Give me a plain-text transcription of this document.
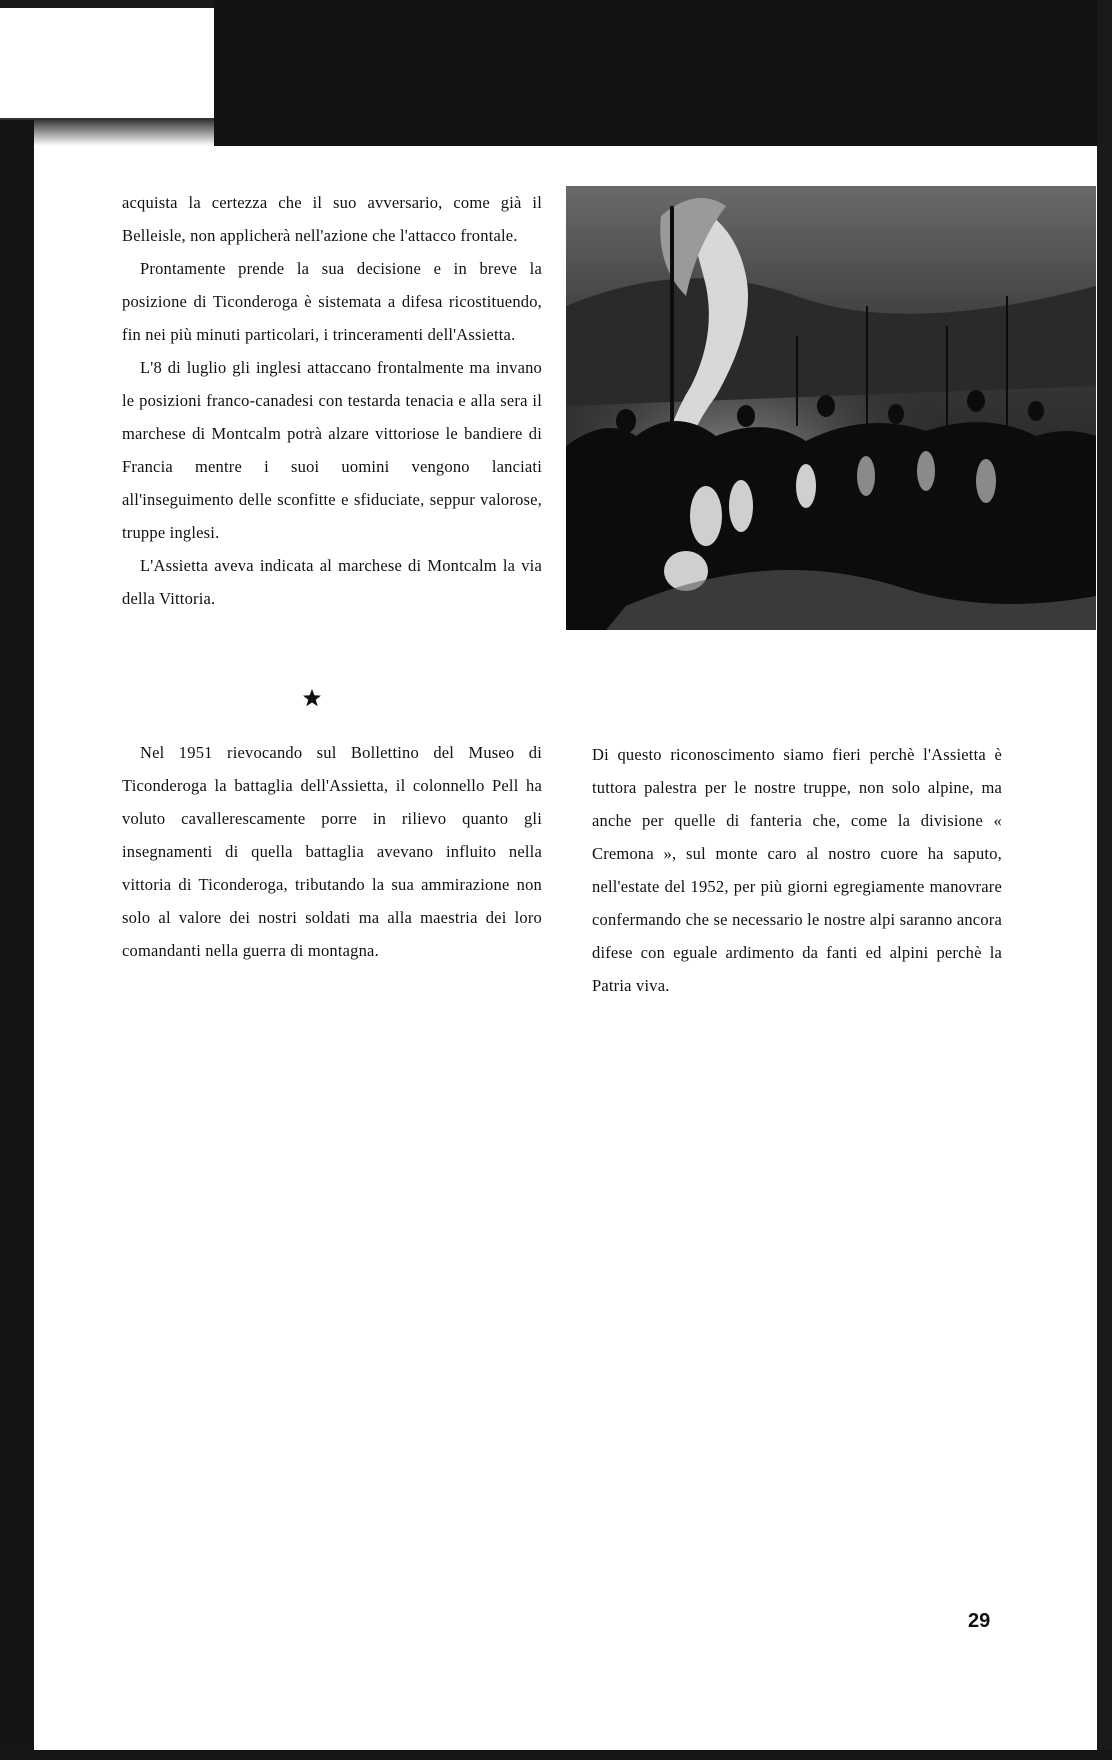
acquista la certezza che il suo avversario, come già il Belleisle, non applicherà nell'azione che l'attacco frontale.

Prontamente prende la sua decisione e in breve la posizione di Ticonderoga è sistemata a difesa ricostituendo, fin nei più minuti particolari, i trinceramenti dell'Assietta.

L'8 di luglio gli inglesi attaccano frontalmente ma invano le posizioni franco-canadesi con testarda tenacia e alla sera il marchese di Montcalm potrà alzare vittoriose le bandiere di Francia mentre i suoi uomini vengono lanciati all'inseguimento delle sconfitte e sfiduciate, seppur valorose, truppe inglesi.

L'Assietta aveva indicata al marchese di Montcalm la via della Vittoria.

Nel 1951 rievocando sul Bollettino del Museo di Ticonderoga la battaglia dell'Assietta, il colonnello Pell ha voluto cavallerescamente porre in rilievo quanto gli insegnamenti di quella battaglia avevano influito nella vittoria di Ticonderoga, tributando la sua ammirazione non solo al valore dei nostri soldati ma alla maestria dei loro comandanti nella guerra di montagna.

Di questo riconoscimento siamo fieri perchè l'Assietta è tuttora palestra per le nostre truppe, non solo alpine, ma anche per quelle di fanteria che, come la divisione « Cremona », sul monte caro al nostro cuore ha saputo, nell'estate del 1952, per più giorni egregiamente manovrare confermando che se necessario le nostre alpi saranno ancora difese con eguale ardimento da fanti ed alpini perchè la Patria viva.

29
